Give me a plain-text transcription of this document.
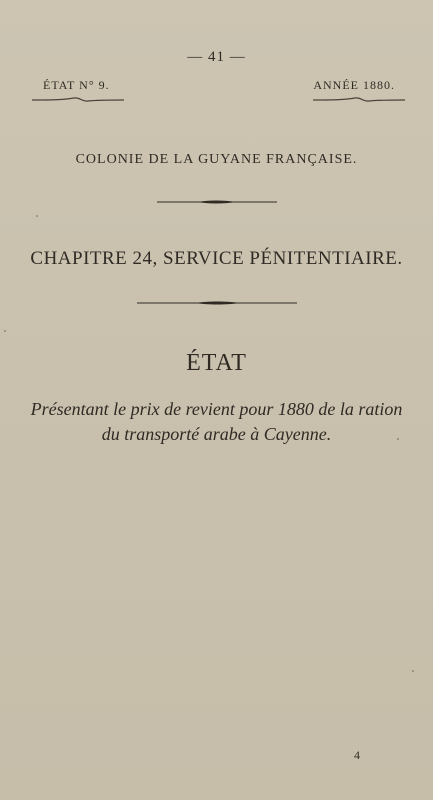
— 41 —
ÉTAT N° 9.	ANNÉE 1880.
COLONIE DE LA GUYANE FRANÇAISE.
CHAPITRE 24, SERVICE PÉNITENTIAIRE.
ÉTAT
Présentant le prix de revient pour 1880 de la ration
du transporté arabe à Cayenne.
4
